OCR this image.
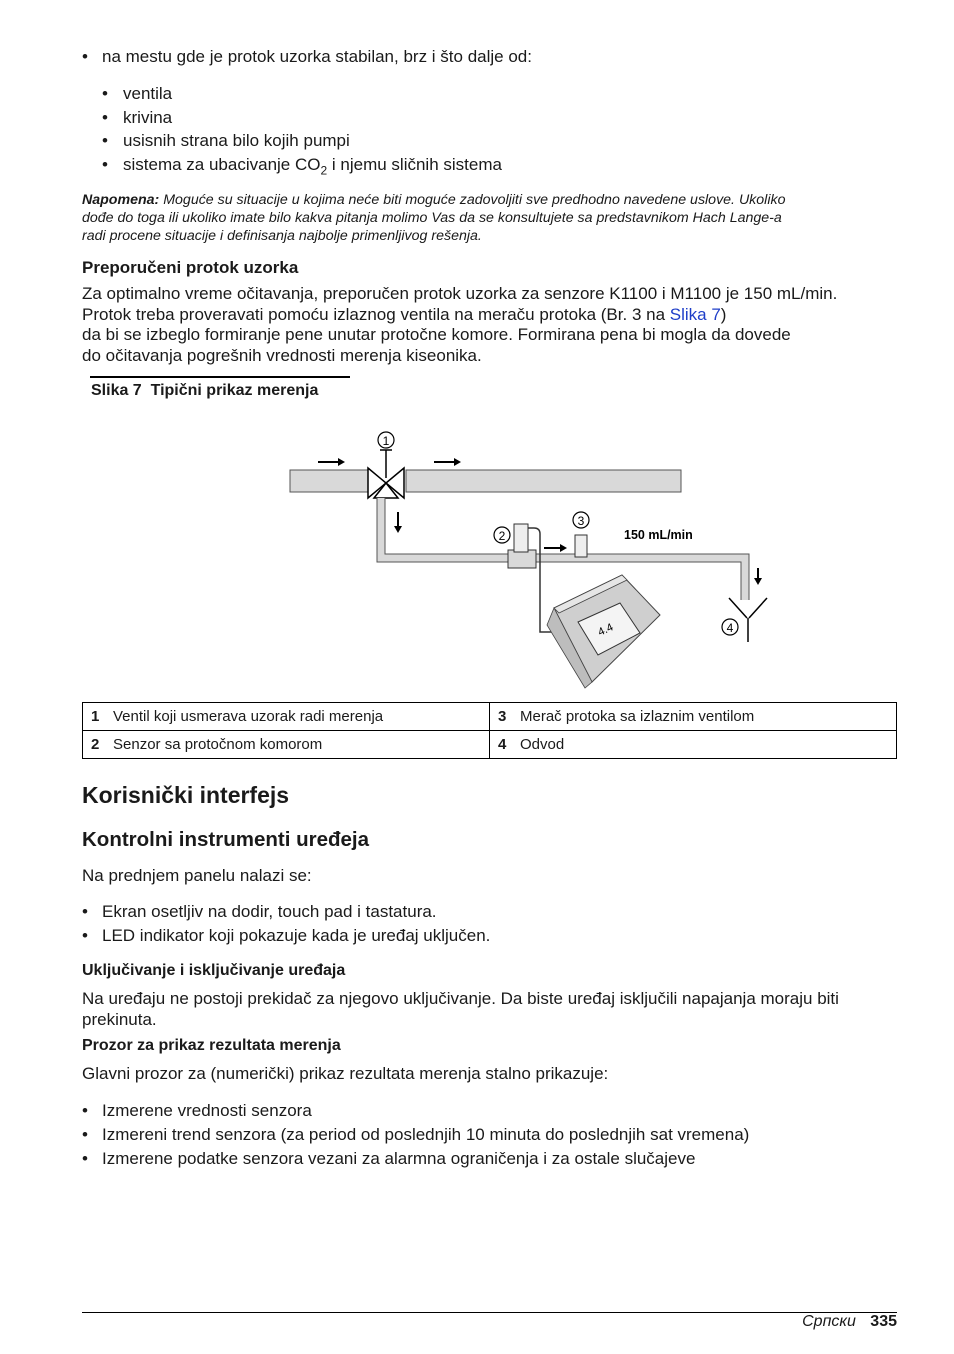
• na mestu gde je protok uzorka stabilan, brz i što dalje od:
• ventila
• krivina
• usisnih strana bilo kojih pumpi
• sistema za ubacivanje $CO_2$ i njemu sličnih sistema
Napomena: Moguće su situacije u kojima neće biti moguće zadovoljiti sve predhodno navedene uslove. Ukoliko
dođe do toga ili ukoliko imate bilo kakva pitanja molimo Vas da se konsultujete sa predstavnikom Hach Lange-a
radi procene situacije i definisanja najbolje primenljivog rešenja.
Preporučeni protok uzorka
Za optimalno vreme očitavanja, preporučen protok uzorka za senzore K1100 i M1100 je 150 mL/min.
Protok treba proveravati pomoću izlaznog ventila na meraču protoka (Br. 3 na Slika 7)
da bi se izbeglo formiranje pene unutar protočne komore. Formirana pena bi mogla da dovede
do očitavanja pogrešnih vrednosti merenja kiseonika.
Slika 7  Tipični prikaz merenja
1
2
3
150 mL/min
4
4.4
1 Ventil koji usmerava uzorak radi merenja	3 Merač protoka sa izlaznim ventilom
2 Senzor sa protočnom komorom	4 Odvod
Korisnički interfejs
Kontrolni instrumenti uređeja
Na prednjem panelu nalazi se:
• Ekran osetljiv na dodir, touch pad i tastatura.
• LED indikator koji pokazuje kada je uređaj uključen.
Uključivanje i isključivanje uređaja
Na uređaju ne postoji prekidač za njegovo uključivanje. Da biste uređaj isključili napajanja moraju biti
prekinuta.
Prozor za prikaz rezultata merenja
Glavni prozor za (numerički) prikaz rezultata merenja stalno prikazuje:
• Izmerene vrednosti senzora
• Izmereni trend senzora (za period od poslednjih 10 minuta do poslednjih sat vremena)
• Izmerene podatke senzora vezani za alarmna ograničenja i za ostale slučajeve
Српски 335
